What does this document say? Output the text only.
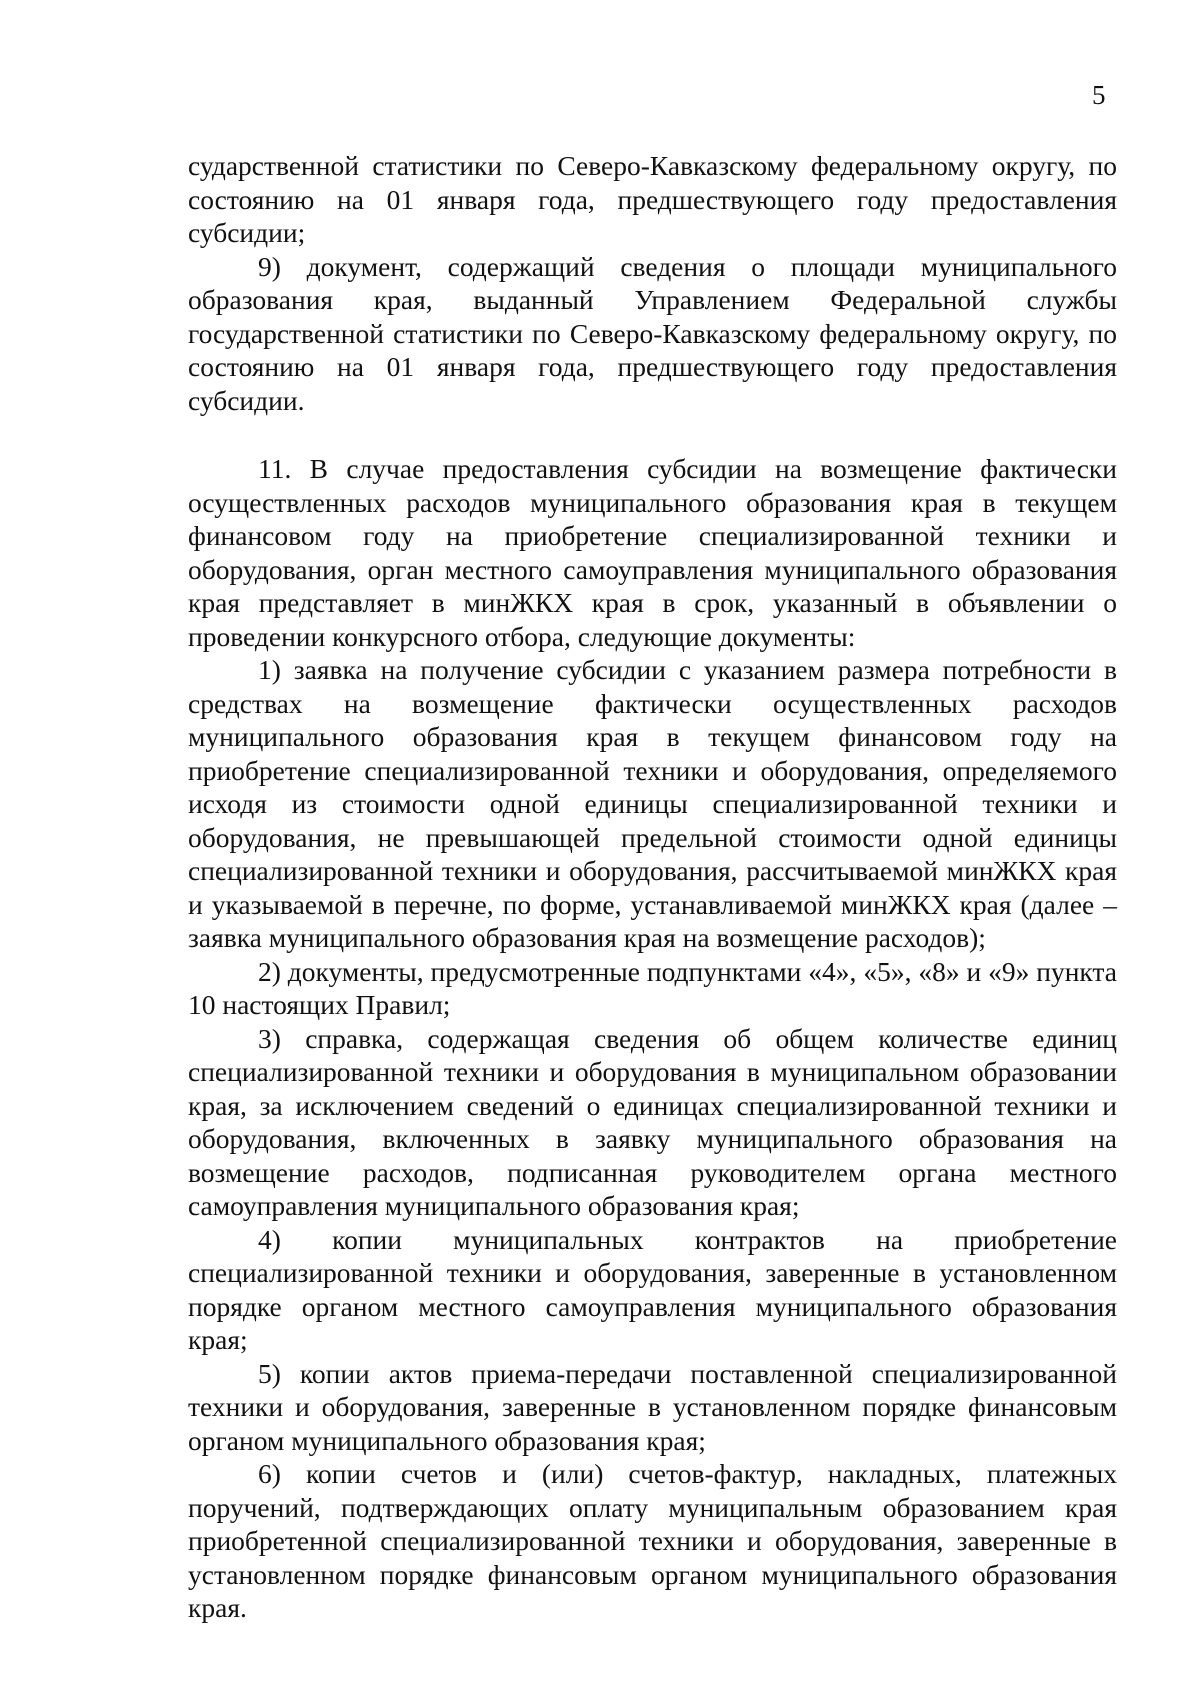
5

сударственной статистики по Северо-Кавказскому федеральному округу, по состоянию на 01 января года, предшествующего году предоставления субсидии;

9) документ, содержащий сведения о площади муниципального образования края, выданный Управлением Федеральной службы государственной статистики по Северо-Кавказскому федеральному округу, по состоянию на 01 января года, предшествующего году предоставления субсидии.

11. В случае предоставления субсидии на возмещение фактически осуществленных расходов муниципального образования края в текущем финансовом году на приобретение специализированной техники и оборудования, орган местного самоуправления муниципального образования края представляет в минЖКХ края в срок, указанный в объявлении о проведении конкурсного отбора, следующие документы:

1) заявка на получение субсидии с указанием размера потребности в средствах на возмещение фактически осуществленных расходов муниципального образования края в текущем финансовом году на приобретение специализированной техники и оборудования, определяемого исходя из стоимости одной единицы специализированной техники и оборудования, не превышающей предельной стоимости одной единицы специализированной техники и оборудования, рассчитываемой минЖКХ края и указываемой в перечне, по форме, устанавливаемой минЖКХ края (далее – заявка муниципального образования края на возмещение расходов);

2) документы, предусмотренные подпунктами «4», «5», «8» и «9» пункта 10 настоящих Правил;

3) справка, содержащая сведения об общем количестве единиц специализированной техники и оборудования в муниципальном образовании края, за исключением сведений о единицах специализированной техники и оборудования, включенных в заявку муниципального образования на возмещение расходов, подписанная руководителем органа местного самоуправления муниципального образования края;

4) копии муниципальных контрактов на приобретение специализированной техники и оборудования, заверенные в установленном порядке органом местного самоуправления муниципального образования края;

5) копии актов приема-передачи поставленной специализированной техники и оборудования, заверенные в установленном порядке финансовым органом муниципального образования края;

6) копии счетов и (или) счетов-фактур, накладных, платежных поручений, подтверждающих оплату муниципальным образованием края приобретенной специализированной техники и оборудования, заверенные в установленном порядке финансовым органом муниципального образования края.
